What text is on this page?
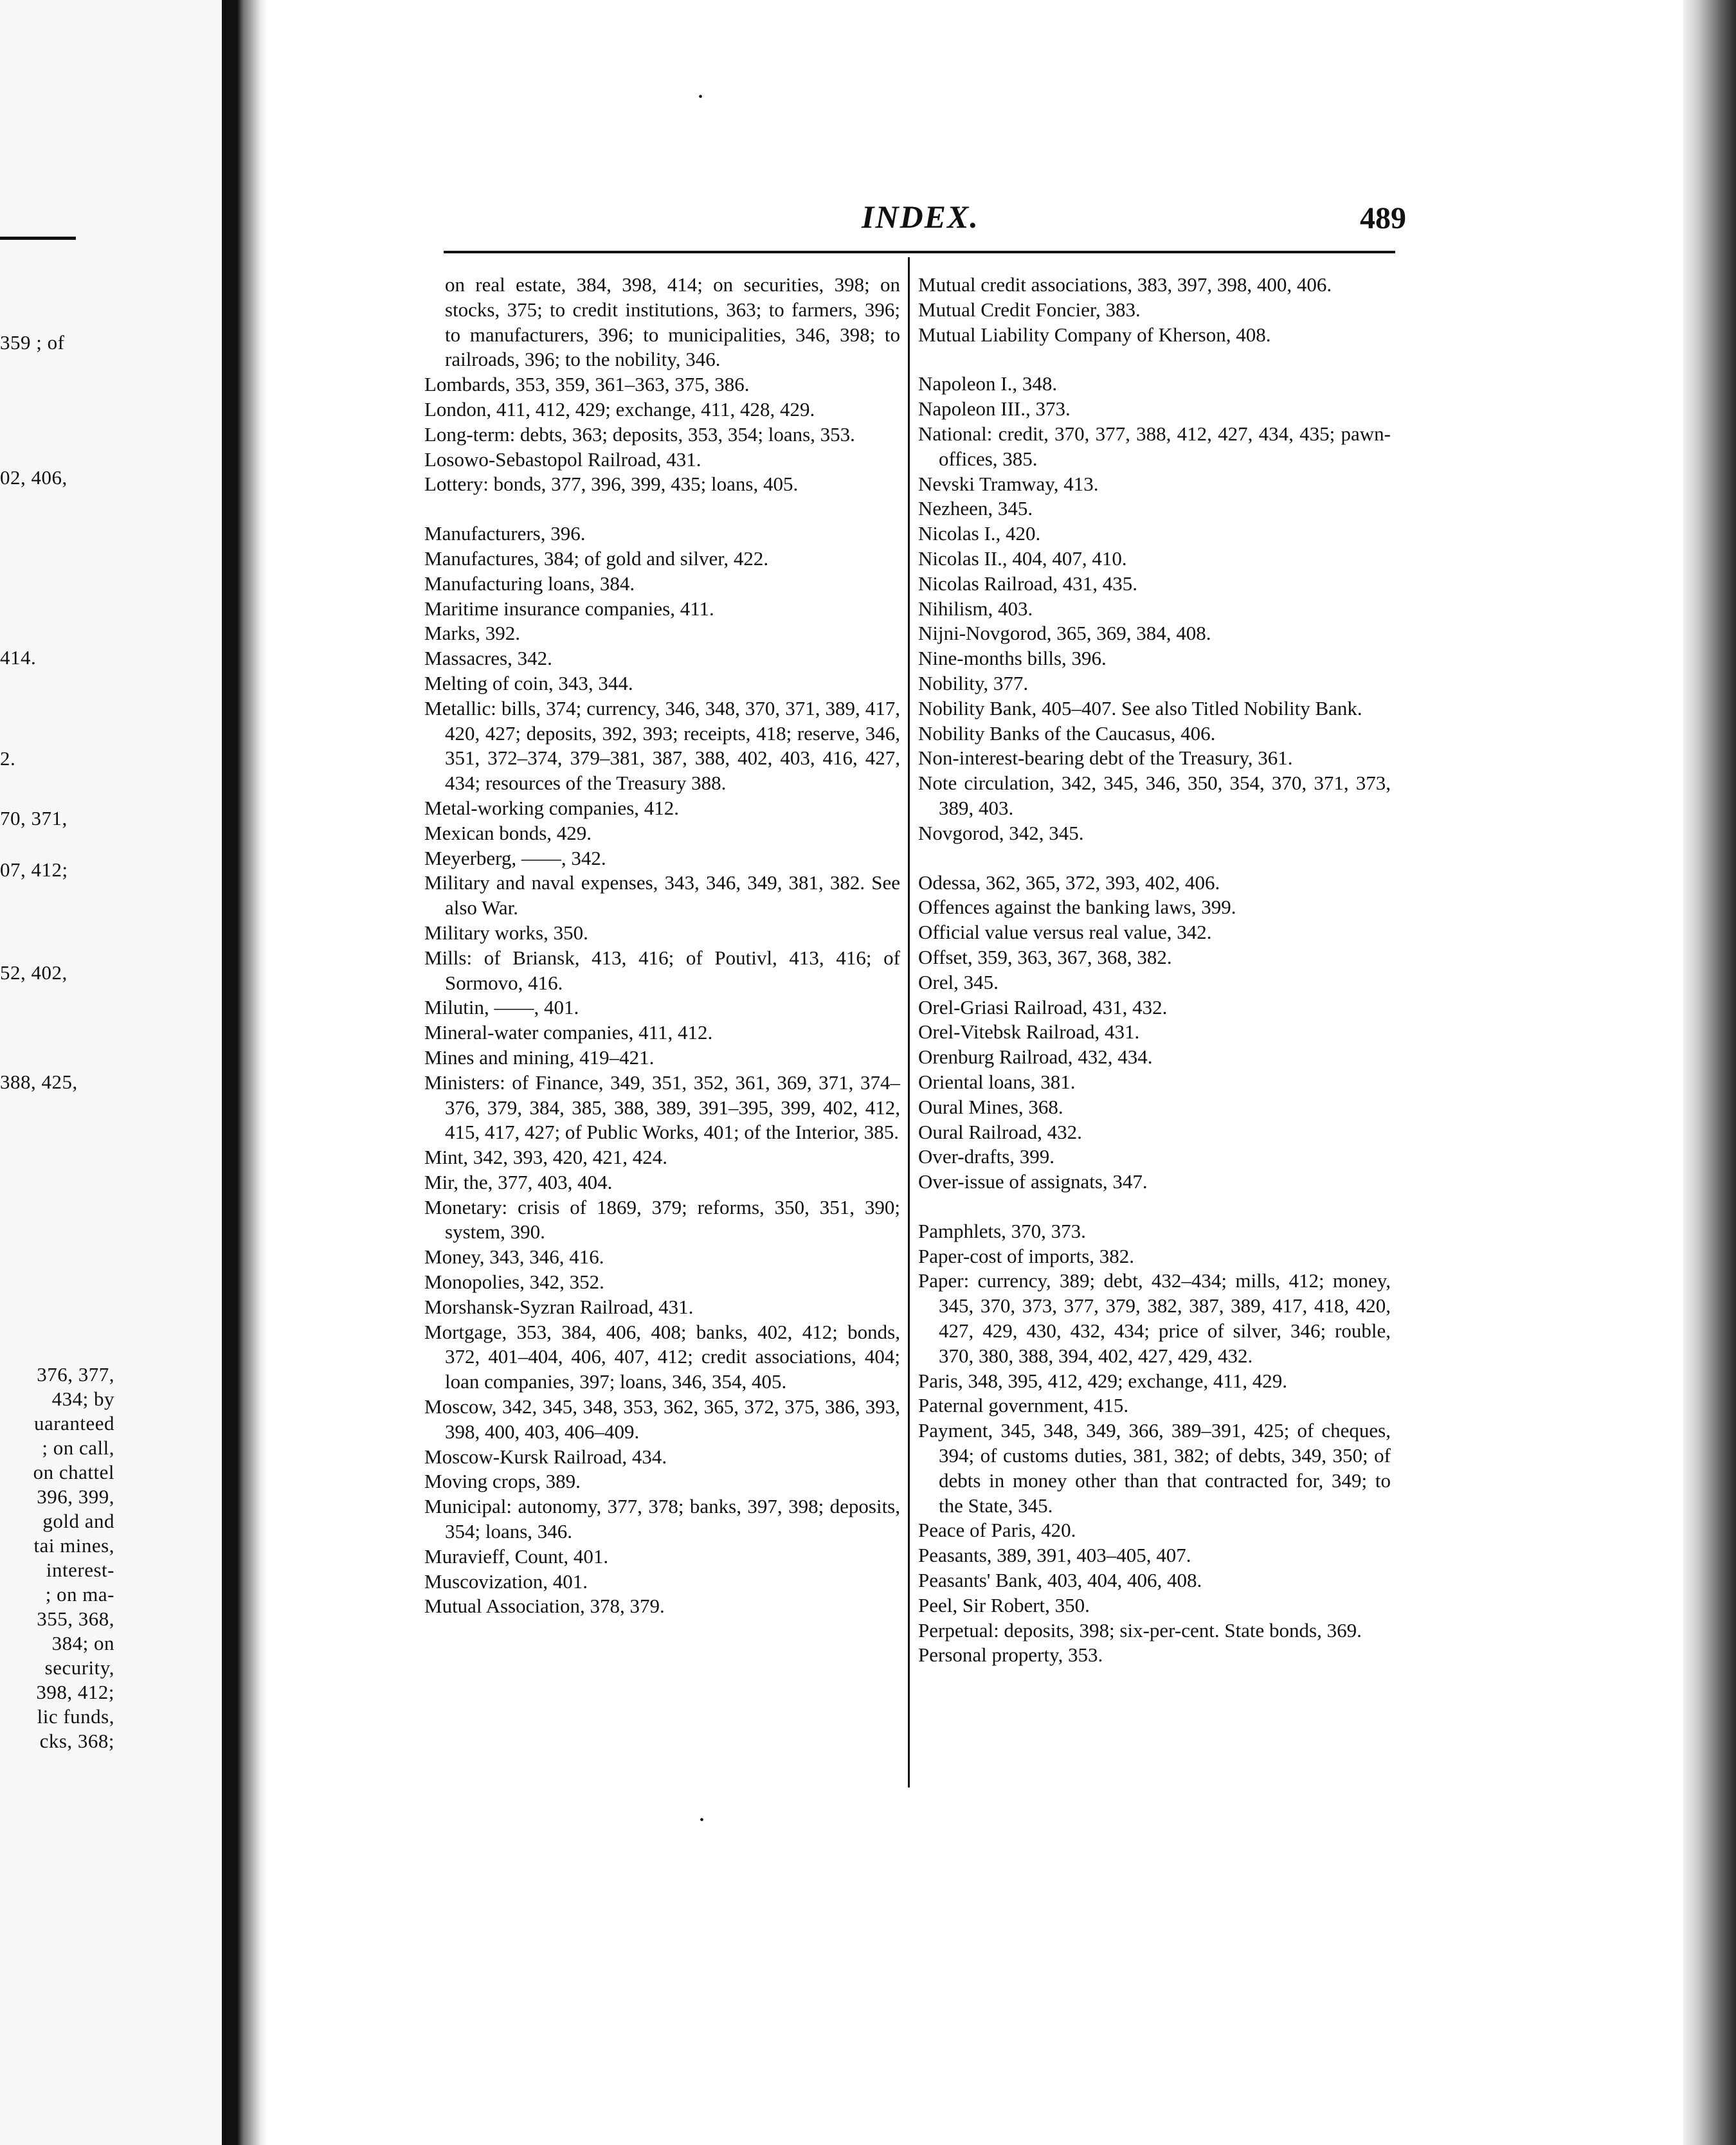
359 ; of
02, 406,
414.
2.
70, 371,
07, 412;
52, 402,
388, 425,
376, 377,
434; by
uaranteed
; on call,
on chattel
396, 399,
gold and
tai mines,
interest-
; on ma-
355, 368,
384; on
security,
398, 412;
lic funds,
cks, 368;
INDEX.	489
•
•
on real estate, 384, 398, 414; on securities, 398; on stocks, 375; to credit institutions, 363; to farmers, 396; to manufacturers, 396; to municipalities, 346, 398; to railroads, 396; to the nobility, 346.
Lombards, 353, 359, 361–363, 375, 386.
London, 411, 412, 429; exchange, 411, 428, 429.
Long-term: debts, 363; deposits, 353, 354; loans, 353.
Losowo-Sebastopol Railroad, 431.
Lottery: bonds, 377, 396, 399, 435; loans, 405.
Manufacturers, 396.
Manufactures, 384; of gold and silver, 422.
Manufacturing loans, 384.
Maritime insurance companies, 411.
Marks, 392.
Massacres, 342.
Melting of coin, 343, 344.
Metallic: bills, 374; currency, 346, 348, 370, 371, 389, 417, 420, 427; deposits, 392, 393; receipts, 418; reserve, 346, 351, 372–374, 379–381, 387, 388, 402, 403, 416, 427, 434; resources of the Treasury 388.
Metal-working companies, 412.
Mexican bonds, 429.
Meyerberg, ——, 342.
Military and naval expenses, 343, 346, 349, 381, 382. See also War.
Military works, 350.
Mills: of Briansk, 413, 416; of Poutivl, 413, 416; of Sormovo, 416.
Milutin, ——, 401.
Mineral-water companies, 411, 412.
Mines and mining, 419–421.
Ministers: of Finance, 349, 351, 352, 361, 369, 371, 374–376, 379, 384, 385, 388, 389, 391–395, 399, 402, 412, 415, 417, 427; of Public Works, 401; of the Interior, 385.
Mint, 342, 393, 420, 421, 424.
Mir, the, 377, 403, 404.
Monetary: crisis of 1869, 379; reforms, 350, 351, 390; system, 390.
Money, 343, 346, 416.
Monopolies, 342, 352.
Morshansk-Syzran Railroad, 431.
Mortgage, 353, 384, 406, 408; banks, 402, 412; bonds, 372, 401–404, 406, 407, 412; credit associations, 404; loan companies, 397; loans, 346, 354, 405.
Moscow, 342, 345, 348, 353, 362, 365, 372, 375, 386, 393, 398, 400, 403, 406–409.
Moscow-Kursk Railroad, 434.
Moving crops, 389.
Municipal: autonomy, 377, 378; banks, 397, 398; deposits, 354; loans, 346.
Muravieff, Count, 401.
Muscovization, 401.
Mutual Association, 378, 379.
Mutual credit associations, 383, 397, 398, 400, 406.
Mutual Credit Foncier, 383.
Mutual Liability Company of Kherson, 408.
Napoleon I., 348.
Napoleon III., 373.
National: credit, 370, 377, 388, 412, 427, 434, 435; pawn-offices, 385.
Nevski Tramway, 413.
Nezheen, 345.
Nicolas I., 420.
Nicolas II., 404, 407, 410.
Nicolas Railroad, 431, 435.
Nihilism, 403.
Nijni-Novgorod, 365, 369, 384, 408.
Nine-months bills, 396.
Nobility, 377.
Nobility Bank, 405–407. See also Titled Nobility Bank.
Nobility Banks of the Caucasus, 406.
Non-interest-bearing debt of the Treasury, 361.
Note circulation, 342, 345, 346, 350, 354, 370, 371, 373, 389, 403.
Novgorod, 342, 345.
Odessa, 362, 365, 372, 393, 402, 406.
Offences against the banking laws, 399.
Official value versus real value, 342.
Offset, 359, 363, 367, 368, 382.
Orel, 345.
Orel-Griasi Railroad, 431, 432.
Orel-Vitebsk Railroad, 431.
Orenburg Railroad, 432, 434.
Oriental loans, 381.
Oural Mines, 368.
Oural Railroad, 432.
Over-drafts, 399.
Over-issue of assignats, 347.
Pamphlets, 370, 373.
Paper-cost of imports, 382.
Paper: currency, 389; debt, 432–434; mills, 412; money, 345, 370, 373, 377, 379, 382, 387, 389, 417, 418, 420, 427, 429, 430, 432, 434; price of silver, 346; rouble, 370, 380, 388, 394, 402, 427, 429, 432.
Paris, 348, 395, 412, 429; exchange, 411, 429.
Paternal government, 415.
Payment, 345, 348, 349, 366, 389–391, 425; of cheques, 394; of customs duties, 381, 382; of debts, 349, 350; of debts in money other than that contracted for, 349; to the State, 345.
Peace of Paris, 420.
Peasants, 389, 391, 403–405, 407.
Peasants' Bank, 403, 404, 406, 408.
Peel, Sir Robert, 350.
Perpetual: deposits, 398; six-per-cent. State bonds, 369.
Personal property, 353.
